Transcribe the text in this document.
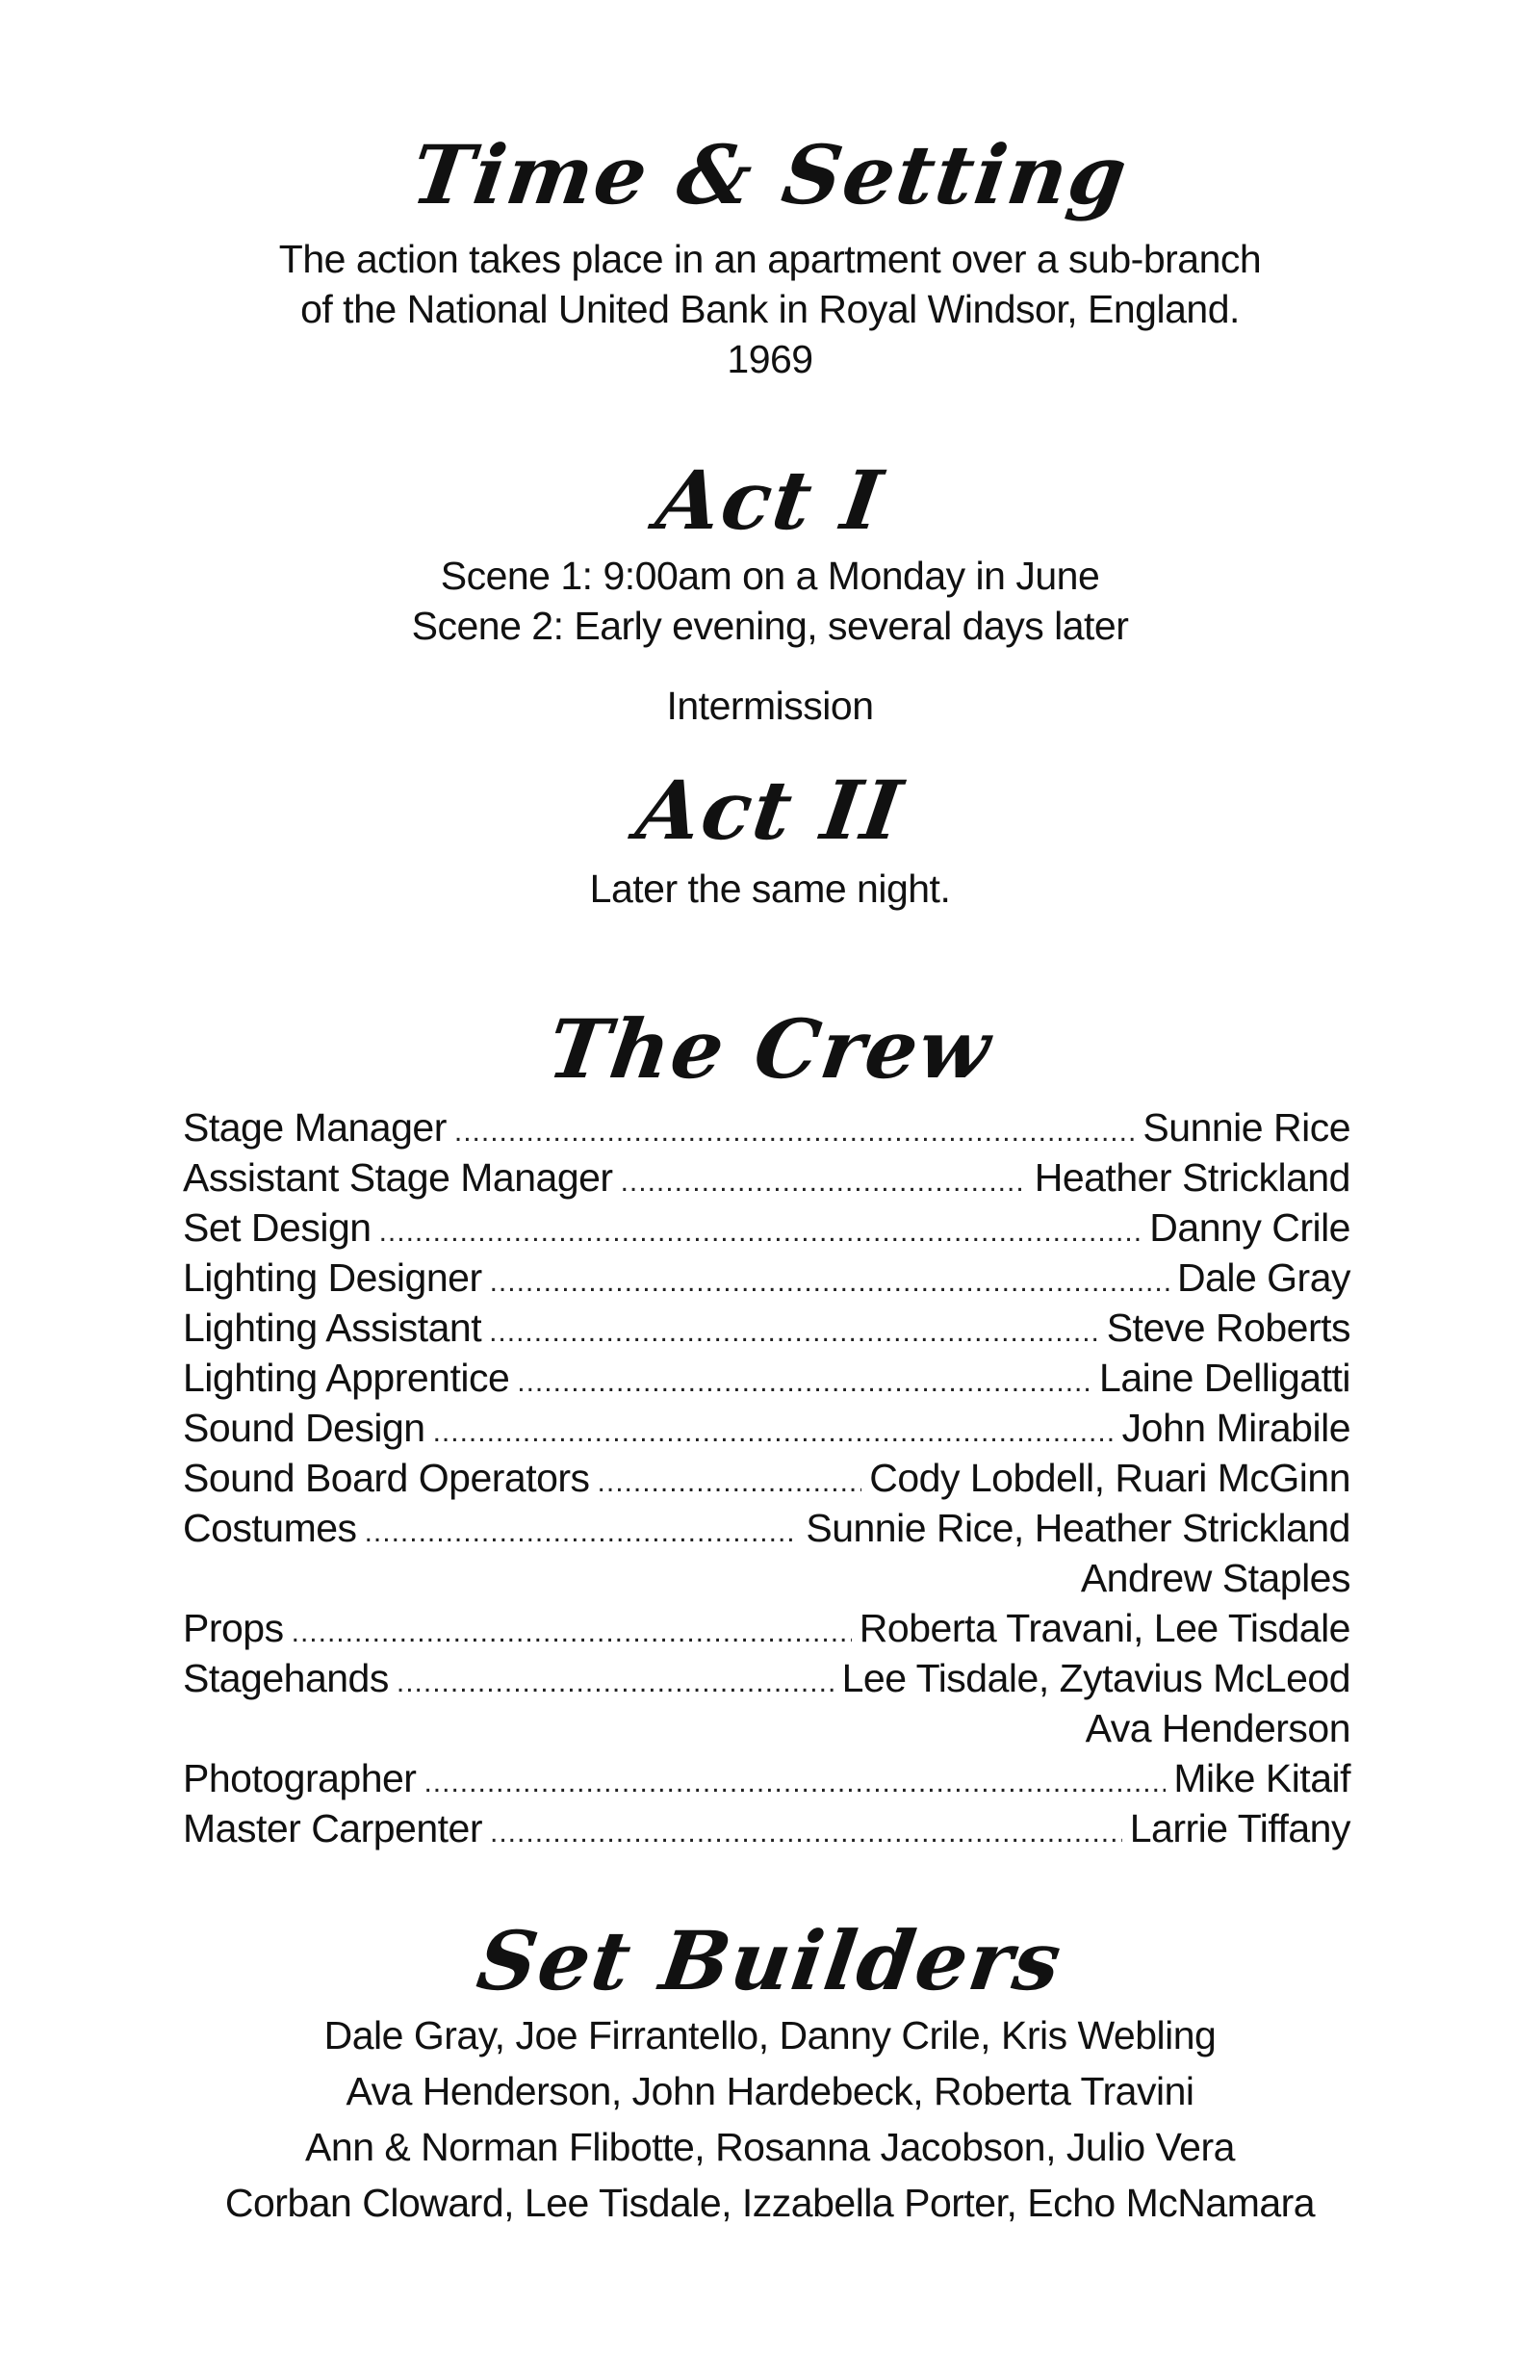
Time & Setting
The action takes place in an apartment over a sub-branch
of the National United Bank in Royal Windsor, England.
1969
Act I
Scene 1: 9:00am on a Monday in June
Scene 2: Early evening, several days later
Intermission
Act II
Later the same night.
The Crew
Stage Manager .....	Sunnie Rice
Assistant Stage Manager .....	Heather Strickland
Set Design .....	Danny Crile
Lighting Designer .....	Dale Gray
Lighting Assistant .....	Steve Roberts
Lighting Apprentice .....	Laine Delligatti
Sound Design .....	John Mirabile
Sound Board Operators .....	Cody Lobdell, Ruari McGinn
Costumes .....	Sunnie Rice, Heather Strickland
Andrew Staples
Props .....	Roberta Travani, Lee Tisdale
Stagehands .....	Lee Tisdale, Zytavius McLeod
Ava Henderson
Photographer .....	Mike Kitaif
Master Carpenter .....	Larrie Tiffany
Set Builders
Dale Gray, Joe Firrantello, Danny Crile, Kris Webling
Ava Henderson, John Hardebeck, Roberta Travini
Ann & Norman Flibotte, Rosanna Jacobson, Julio Vera
Corban Cloward, Lee Tisdale, Izzabella Porter, Echo McNamara
